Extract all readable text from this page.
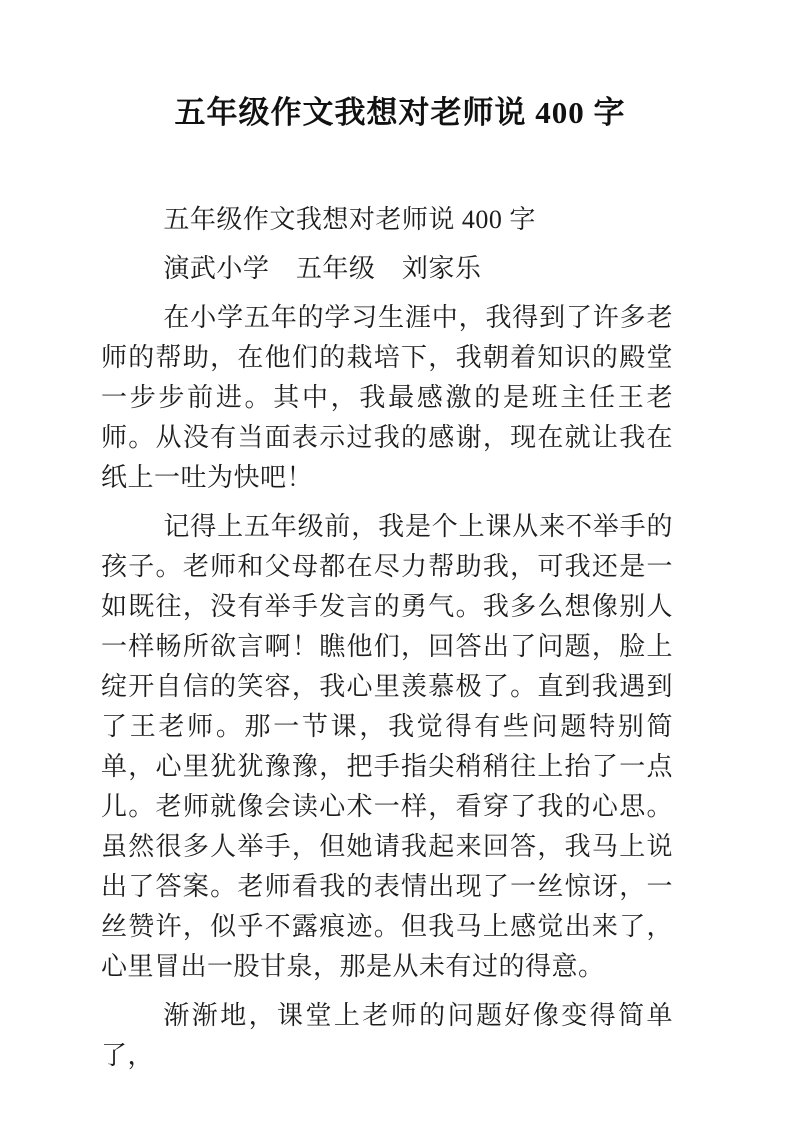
五年级作文我想对老师说 400 字

五年级作文我想对老师说 400 字

演武小学　五年级　刘家乐

在小学五年的学习生涯中，我得到了许多老师的帮助，在他们的栽培下，我朝着知识的殿堂一步步前进。其中，我最感激的是班主任王老师。从没有当面表示过我的感谢，现在就让我在纸上一吐为快吧！

记得上五年级前，我是个上课从来不举手的孩子。老师和父母都在尽力帮助我，可我还是一如既往，没有举手发言的勇气。我多么想像别人一样畅所欲言啊！瞧他们，回答出了问题，脸上绽开自信的笑容，我心里羡慕极了。直到我遇到了王老师。那一节课，我觉得有些问题特别简单，心里犹犹豫豫，把手指尖稍稍往上抬了一点儿。老师就像会读心术一样，看穿了我的心思。虽然很多人举手，但她请我起来回答，我马上说出了答案。老师看我的表情出现了一丝惊讶，一丝赞许，似乎不露痕迹。但我马上感觉出来了，心里冒出一股甘泉，那是从未有过的得意。

渐渐地，课堂上老师的问题好像变得简单了，
